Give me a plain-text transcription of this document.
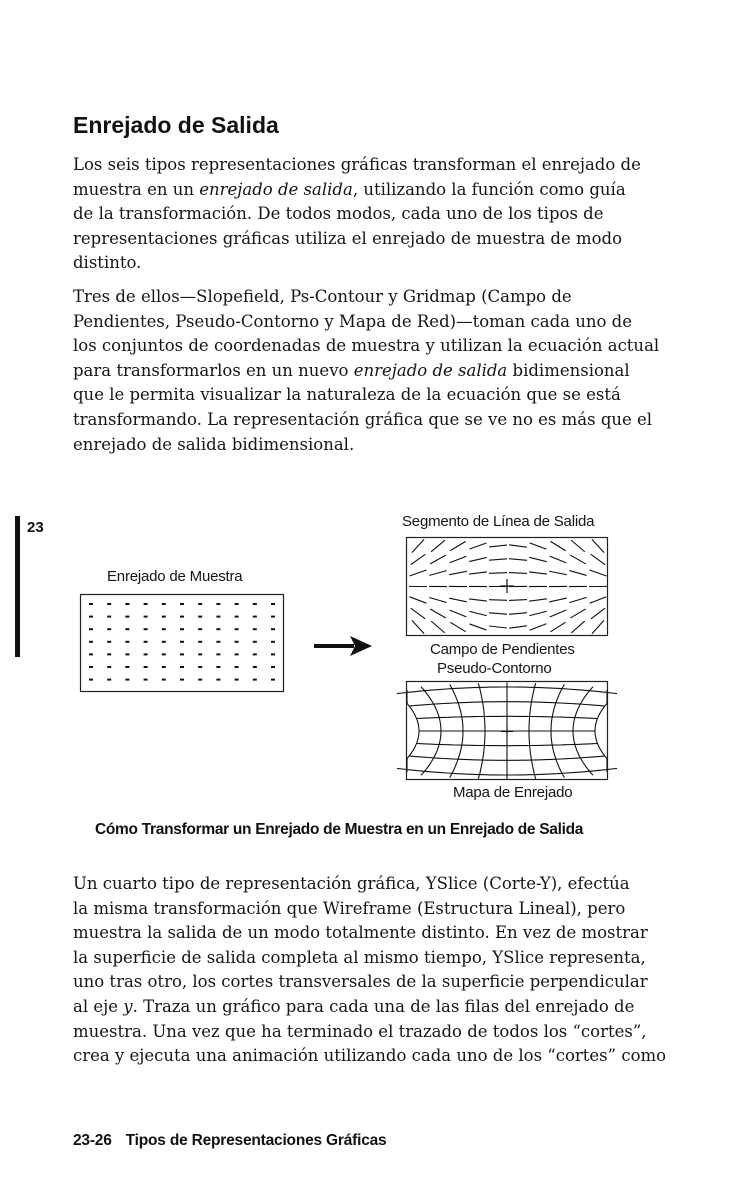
Enrejado de Salida

Los seis tipos representaciones gráficas transforman el enrejado de
muestra en un enrejado de salida, utilizando la función como guía
de la transformación. De todos modos, cada uno de los tipos de
representaciones gráficas utiliza el enrejado de muestra de modo
distinto.

Tres de ellos—Slopefield, Ps-Contour y Gridmap (Campo de
Pendientes, Pseudo-Contorno y Mapa de Red)—toman cada uno de
los conjuntos de coordenadas de muestra y utilizan la ecuación actual
para transformarlos en un nuevo enrejado de salida bidimensional
que le permita visualizar la naturaleza de la ecuación que se está
transformando. La representación gráfica que se ve no es más que el
enrejado de salida bidimensional.

23
Enrejado de Muestra
Segmento de Línea de Salida
Campo de Pendientes
Pseudo-Contorno
Mapa de Enrejado
Cómo Transformar un Enrejado de Muestra en un Enrejado de Salida

Un cuarto tipo de representación gráfica, YSlice (Corte-Y), efectúa
la misma transformación que Wireframe (Estructura Lineal), pero
muestra la salida de un modo totalmente distinto. En vez de mostrar
la superficie de salida completa al mismo tiempo, YSlice representa,
uno tras otro, los cortes transversales de la superficie perpendicular
al eje y. Traza un gráfico para cada una de las filas del enrejado de
muestra. Una vez que ha terminado el trazado de todos los “cortes”,
crea y ejecuta una animación utilizando cada uno de los “cortes” como

23-26 Tipos de Representaciones Gráficas
